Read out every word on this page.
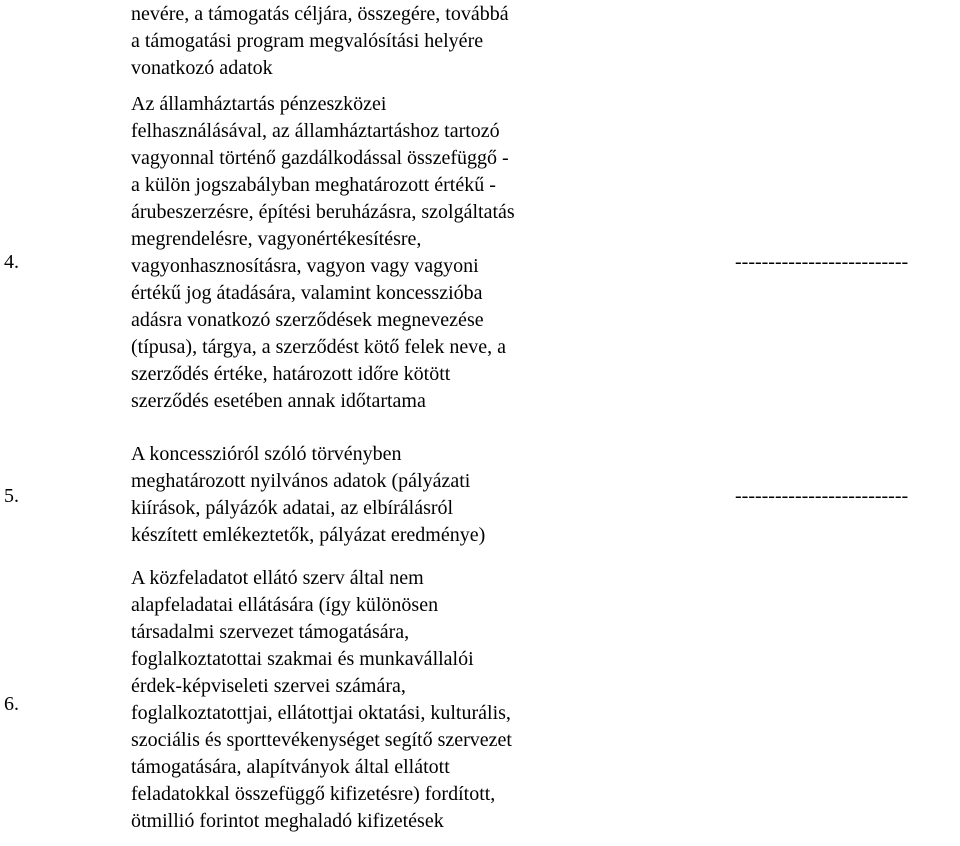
nevére, a támogatás céljára, összegére, továbbá
a támogatási program megvalósítási helyére
vonatkozó adatok
4.
Az államháztartás pénzeszközei
felhasználásával, az államháztartáshoz tartozó
vagyonnal történő gazdálkodással összefüggő -
a külön jogszabályban meghatározott értékű -
árubeszerzésre, építési beruházásra, szolgáltatás
megrendelésre, vagyonértékesítésre,
vagyonhasznosításra, vagyon vagy vagyoni
értékű jog átadására, valamint koncesszióba
adásra vonatkozó szerződések megnevezése
(típusa), tárgya, a szerződést kötő felek neve, a
szerződés értéke, határozott időre kötött
szerződés esetében annak időtartama
--------------------------
5.
A koncesszióról szóló törvényben
meghatározott nyilvános adatok (pályázati
kiírások, pályázók adatai, az elbírálásról
készített emlékeztetők, pályázat eredménye)
--------------------------
6.
A közfeladatot ellátó szerv által nem
alapfeladatai ellátására (így különösen
társadalmi szervezet támogatására,
foglalkoztatottai szakmai és munkavállalói
érdek-képviseleti szervei számára,
foglalkoztatottjai, ellátottjai oktatási, kulturális,
szociális és sporttevékenységet segítő szervezet
támogatására, alapítványok által ellátott
feladatokkal összefüggő kifizetésre) fordított,
ötmillió forintot meghaladó kifizetések
